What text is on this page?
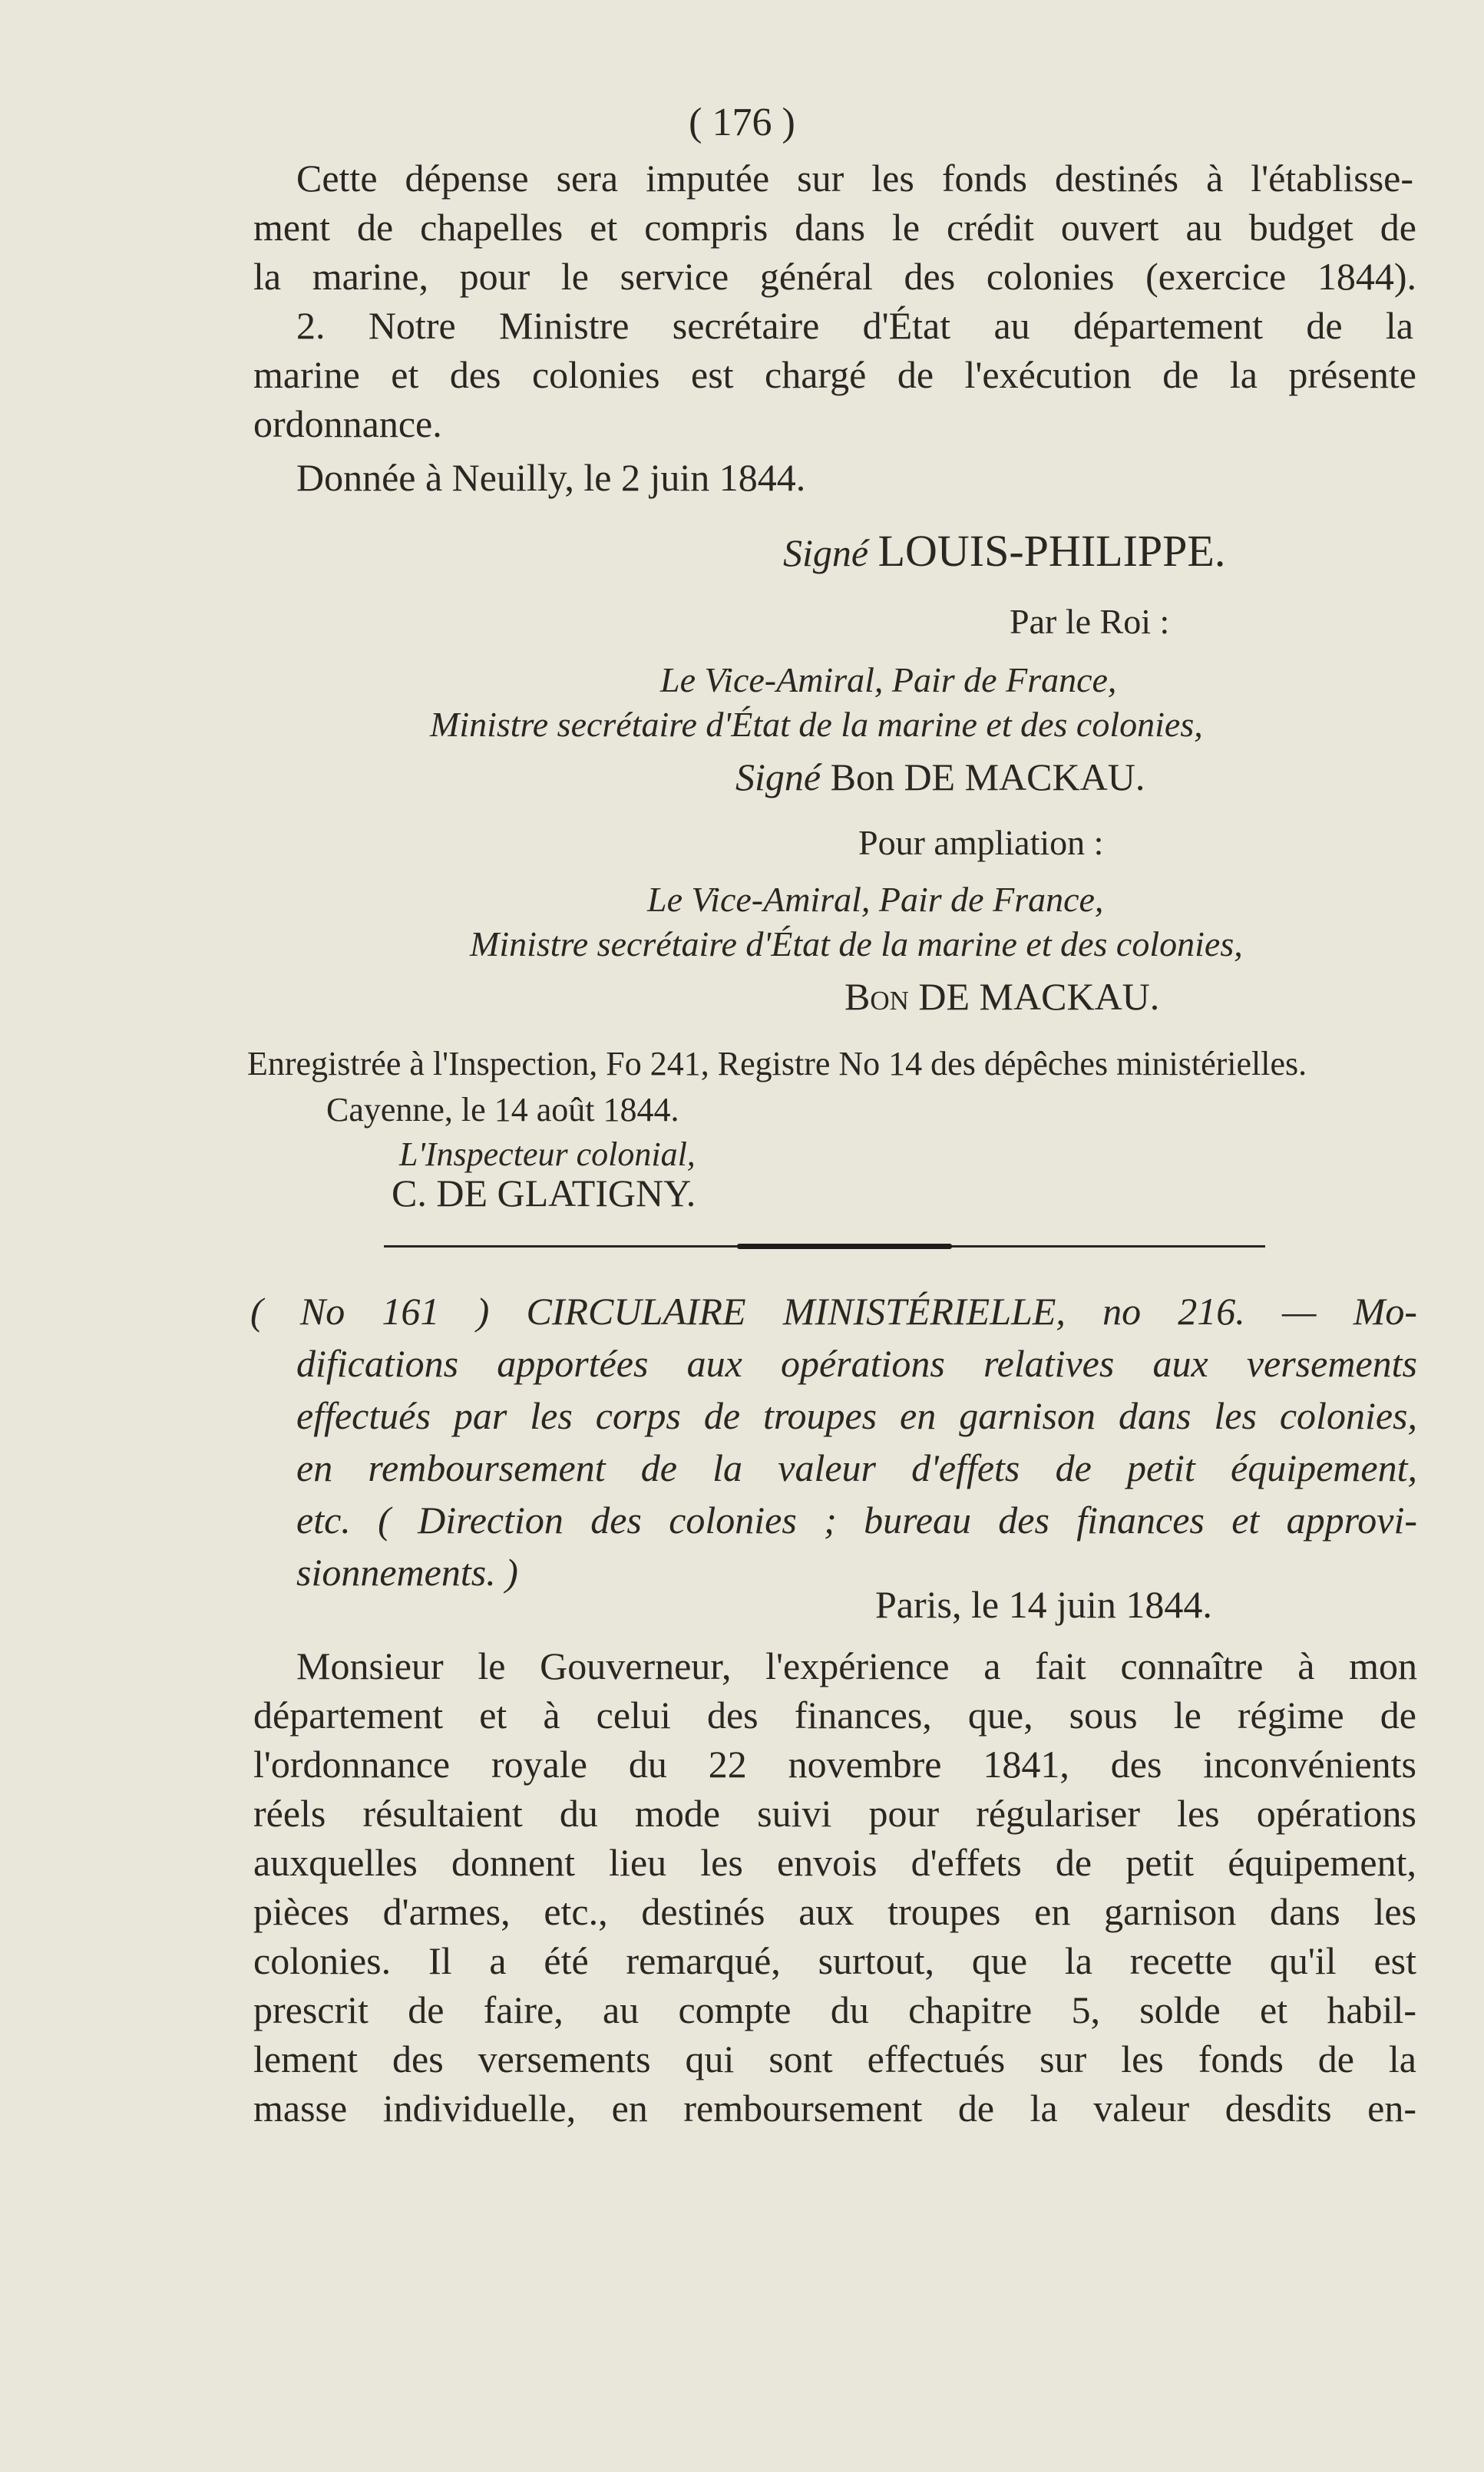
( 176 )
Cette dépense sera imputée sur les fonds destinés à l'établisse-
ment de chapelles et compris dans le crédit ouvert au budget de
la marine, pour le service général des colonies (exercice 1844).
2. Notre Ministre secrétaire d'État au département de la
marine et des colonies est chargé de l'exécution de la présente
ordonnance.
Donnée à Neuilly, le 2 juin 1844.
Signé LOUIS-PHILIPPE.
Par le Roi :
Le Vice-Amiral, Pair de France,
Ministre secrétaire d'État de la marine et des colonies,
Signé Bon DE MACKAU.
Pour ampliation :
Le Vice-Amiral, Pair de France,
Ministre secrétaire d'État de la marine et des colonies,
Bon DE MACKAU.
Enregistrée à l'Inspection, Fo 241, Registre No 14 des dépêches ministérielles.
Cayenne, le 14 août 1844.
L'Inspecteur colonial,
C. DE GLATIGNY.
( No 161 ) CIRCULAIRE MINISTÉRIELLE, no 216. — Mo-
difications apportées aux opérations relatives aux versements
effectués par les corps de troupes en garnison dans les colonies,
en remboursement de la valeur d'effets de petit équipement,
etc. ( Direction des colonies ; bureau des finances et approvi-
sionnements. )
Paris, le 14 juin 1844.
Monsieur le Gouverneur, l'expérience a fait connaître à mon
département et à celui des finances, que, sous le régime de
l'ordonnance royale du 22 novembre 1841, des inconvénients
réels résultaient du mode suivi pour régulariser les opérations
auxquelles donnent lieu les envois d'effets de petit équipement,
pièces d'armes, etc., destinés aux troupes en garnison dans les
colonies. Il a été remarqué, surtout, que la recette qu'il est
prescrit de faire, au compte du chapitre 5, solde et habil-
lement des versements qui sont effectués sur les fonds de la
masse individuelle, en remboursement de la valeur desdits en-
